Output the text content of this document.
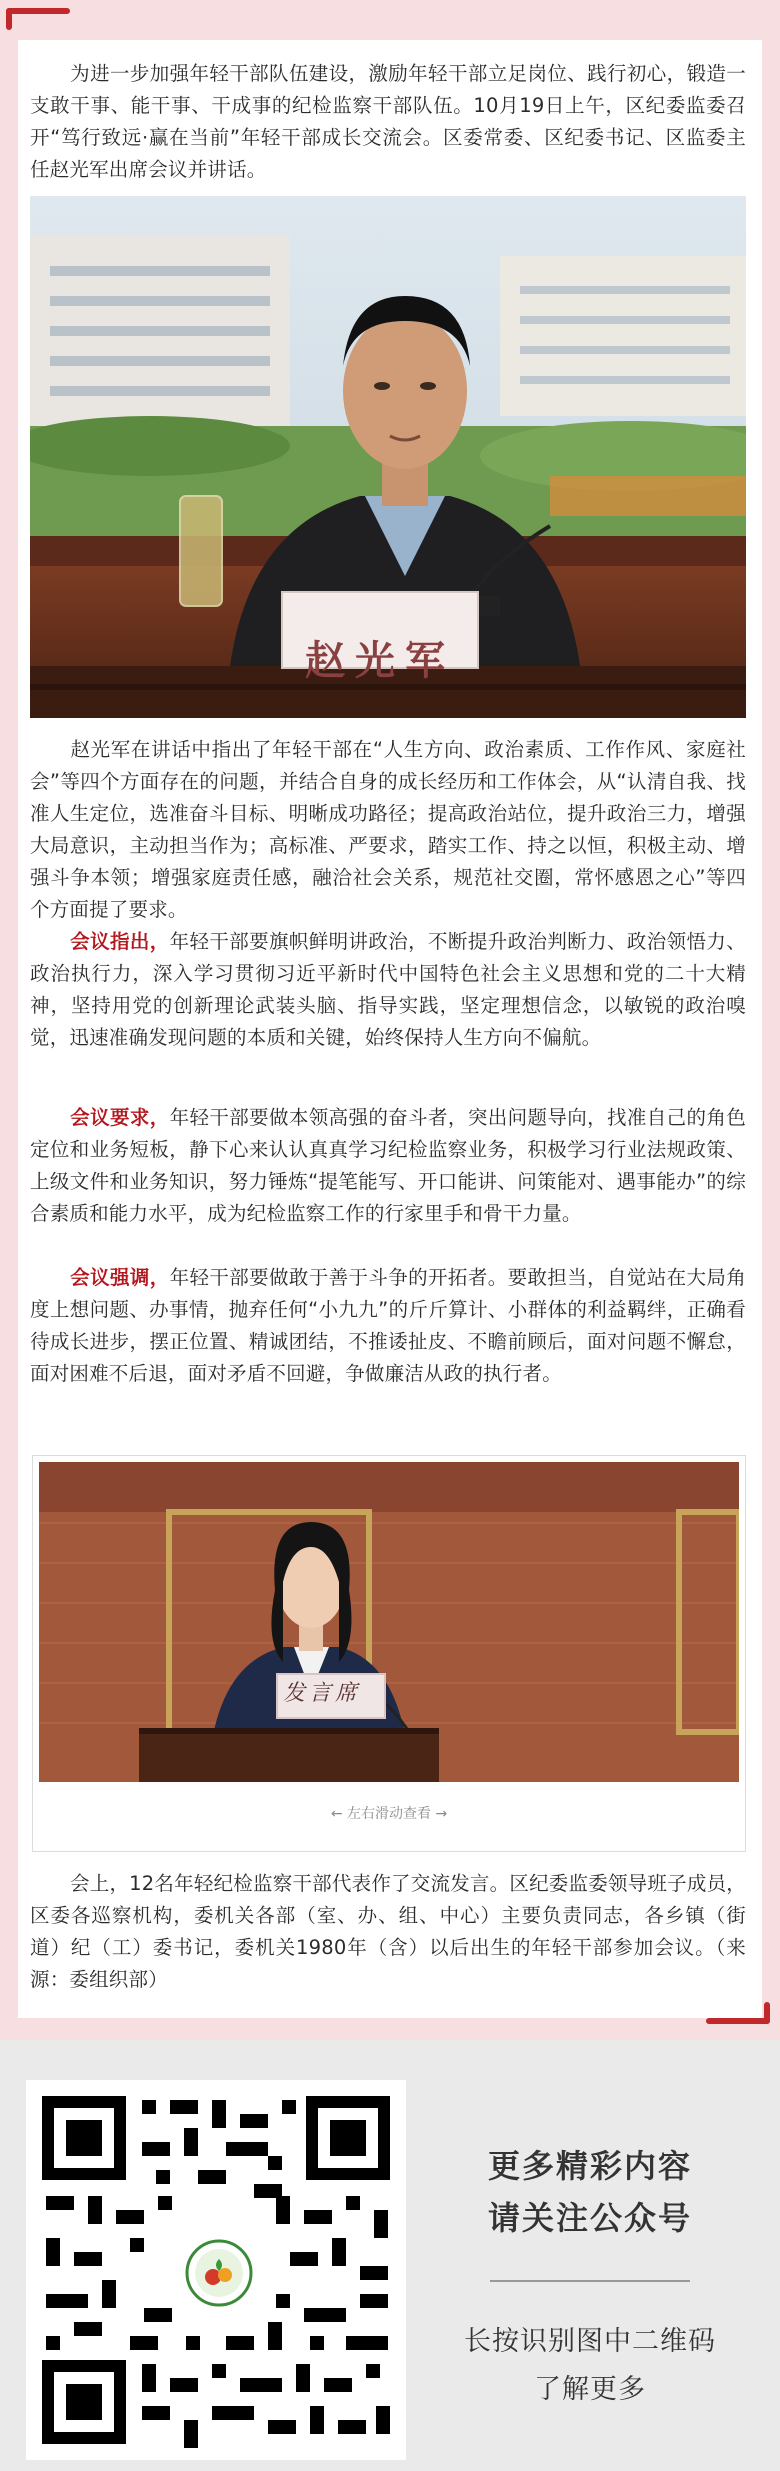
为进一步加强年轻干部队伍建设，激励年轻干部立足岗位、践行初心，锻造一支敢干事、能干事、干成事的纪检监察干部队伍。10月19日上午，区纪委监委召开“笃行致远·赢在当前”年轻干部成长交流会。区委常委、区纪委书记、区监委主任赵光军出席会议并讲话。

赵光军

赵光军在讲话中指出了年轻干部在“人生方向、政治素质、工作作风、家庭社会”等四个方面存在的问题，并结合自身的成长经历和工作体会，从“认清自我、找准人生定位，选准奋斗目标、明晰成功路径；提高政治站位，提升政治三力，增强大局意识，主动担当作为；高标准、严要求，踏实工作、持之以恒，积极主动、增强斗争本领；增强家庭责任感，融洽社会关系，规范社交圈，常怀感恩之心”等四个方面提了要求。

会议指出，年轻干部要旗帜鲜明讲政治，不断提升政治判断力、政治领悟力、政治执行力，深入学习贯彻习近平新时代中国特色社会主义思想和党的二十大精神，坚持用党的创新理论武装头脑、指导实践，坚定理想信念，以敏锐的政治嗅觉，迅速准确发现问题的本质和关键，始终保持人生方向不偏航。

会议要求，年轻干部要做本领高强的奋斗者，突出问题导向，找准自己的角色定位和业务短板，静下心来认认真真学习纪检监察业务，积极学习行业法规政策、上级文件和业务知识，努力锤炼“提笔能写、开口能讲、问策能对、遇事能办”的综合素质和能力水平，成为纪检监察工作的行家里手和骨干力量。

会议强调，年轻干部要做敢于善于斗争的开拓者。要敢担当，自觉站在大局角度上想问题、办事情，抛弃任何“小九九”的斤斤算计、小群体的利益羁绊，正确看待成长进步，摆正位置、精诚团结，不推诿扯皮、不瞻前顾后，面对问题不懈怠，面对困难不后退，面对矛盾不回避，争做廉洁从政的执行者。

← 左右滑动查看 →
发言席

会上，12名年轻纪检监察干部代表作了交流发言。区纪委监委领导班子成员，区委各巡察机构，委机关各部（室、办、组、中心）主要负责同志，各乡镇（街道）纪（工）委书记，委机关1980年（含）以后出生的年轻干部参加会议。（来源：委组织部）

更多精彩内容
请关注公众号
长按识别图中二维码
了解更多
